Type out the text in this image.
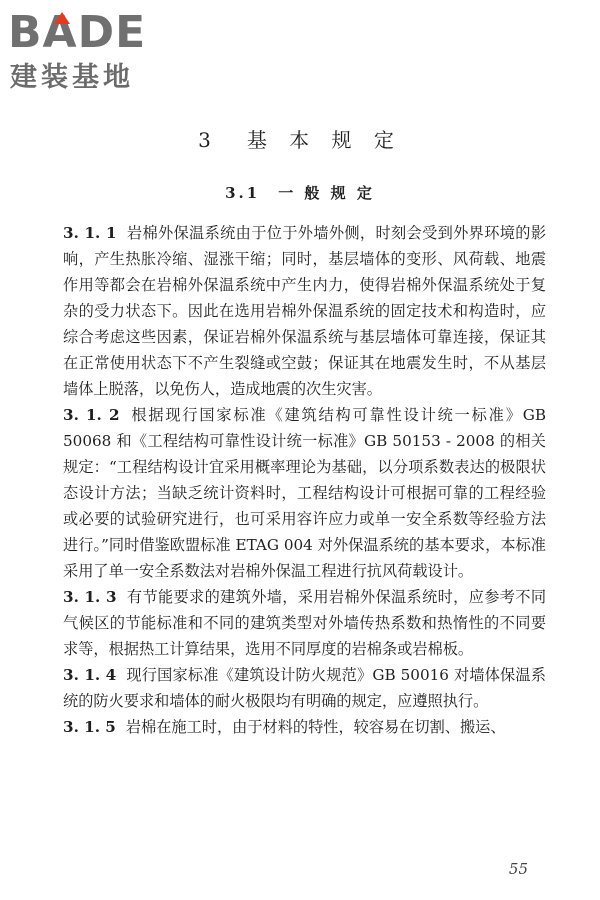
BADE
建装基地
3　基 本 规 定
3.1　一 般 规 定

3. 1. 1 岩棉外保温系统由于位于外墙外侧，时刻会受到外界环境的影响，产生热胀冷缩、湿涨干缩；同时，基层墙体的变形、风荷载、地震作用等都会在岩棉外保温系统中产生内力，使得岩棉外保温系统处于复杂的受力状态下。因此在选用岩棉外保温系统的固定技术和构造时，应综合考虑这些因素，保证岩棉外保温系统与基层墙体可靠连接，保证其在正常使用状态下不产生裂缝或空鼓；保证其在地震发生时，不从基层墙体上脱落，以免伤人，造成地震的次生灾害。

3. 1. 2 根据现行国家标准《建筑结构可靠性设计统一标准》GB 50068 和《工程结构可靠性设计统一标准》GB 50153 - 2008 的相关规定：“工程结构设计宜采用概率理论为基础，以分项系数表达的极限状态设计方法；当缺乏统计资料时，工程结构设计可根据可靠的工程经验或必要的试验研究进行，也可采用容许应力或单一安全系数等经验方法进行。”同时借鉴欧盟标准 ETAG 004 对外保温系统的基本要求，本标准采用了单一安全系数法对岩棉外保温工程进行抗风荷载设计。

3. 1. 3 有节能要求的建筑外墙，采用岩棉外保温系统时，应参考不同气候区的节能标准和不同的建筑类型对外墙传热系数和热惰性的不同要求等，根据热工计算结果，选用不同厚度的岩棉条或岩棉板。

3. 1. 4 现行国家标准《建筑设计防火规范》GB 50016 对墙体保温系统的防火要求和墙体的耐火极限均有明确的规定，应遵照执行。

3. 1. 5 岩棉在施工时，由于材料的特性，较容易在切割、搬运、

55
